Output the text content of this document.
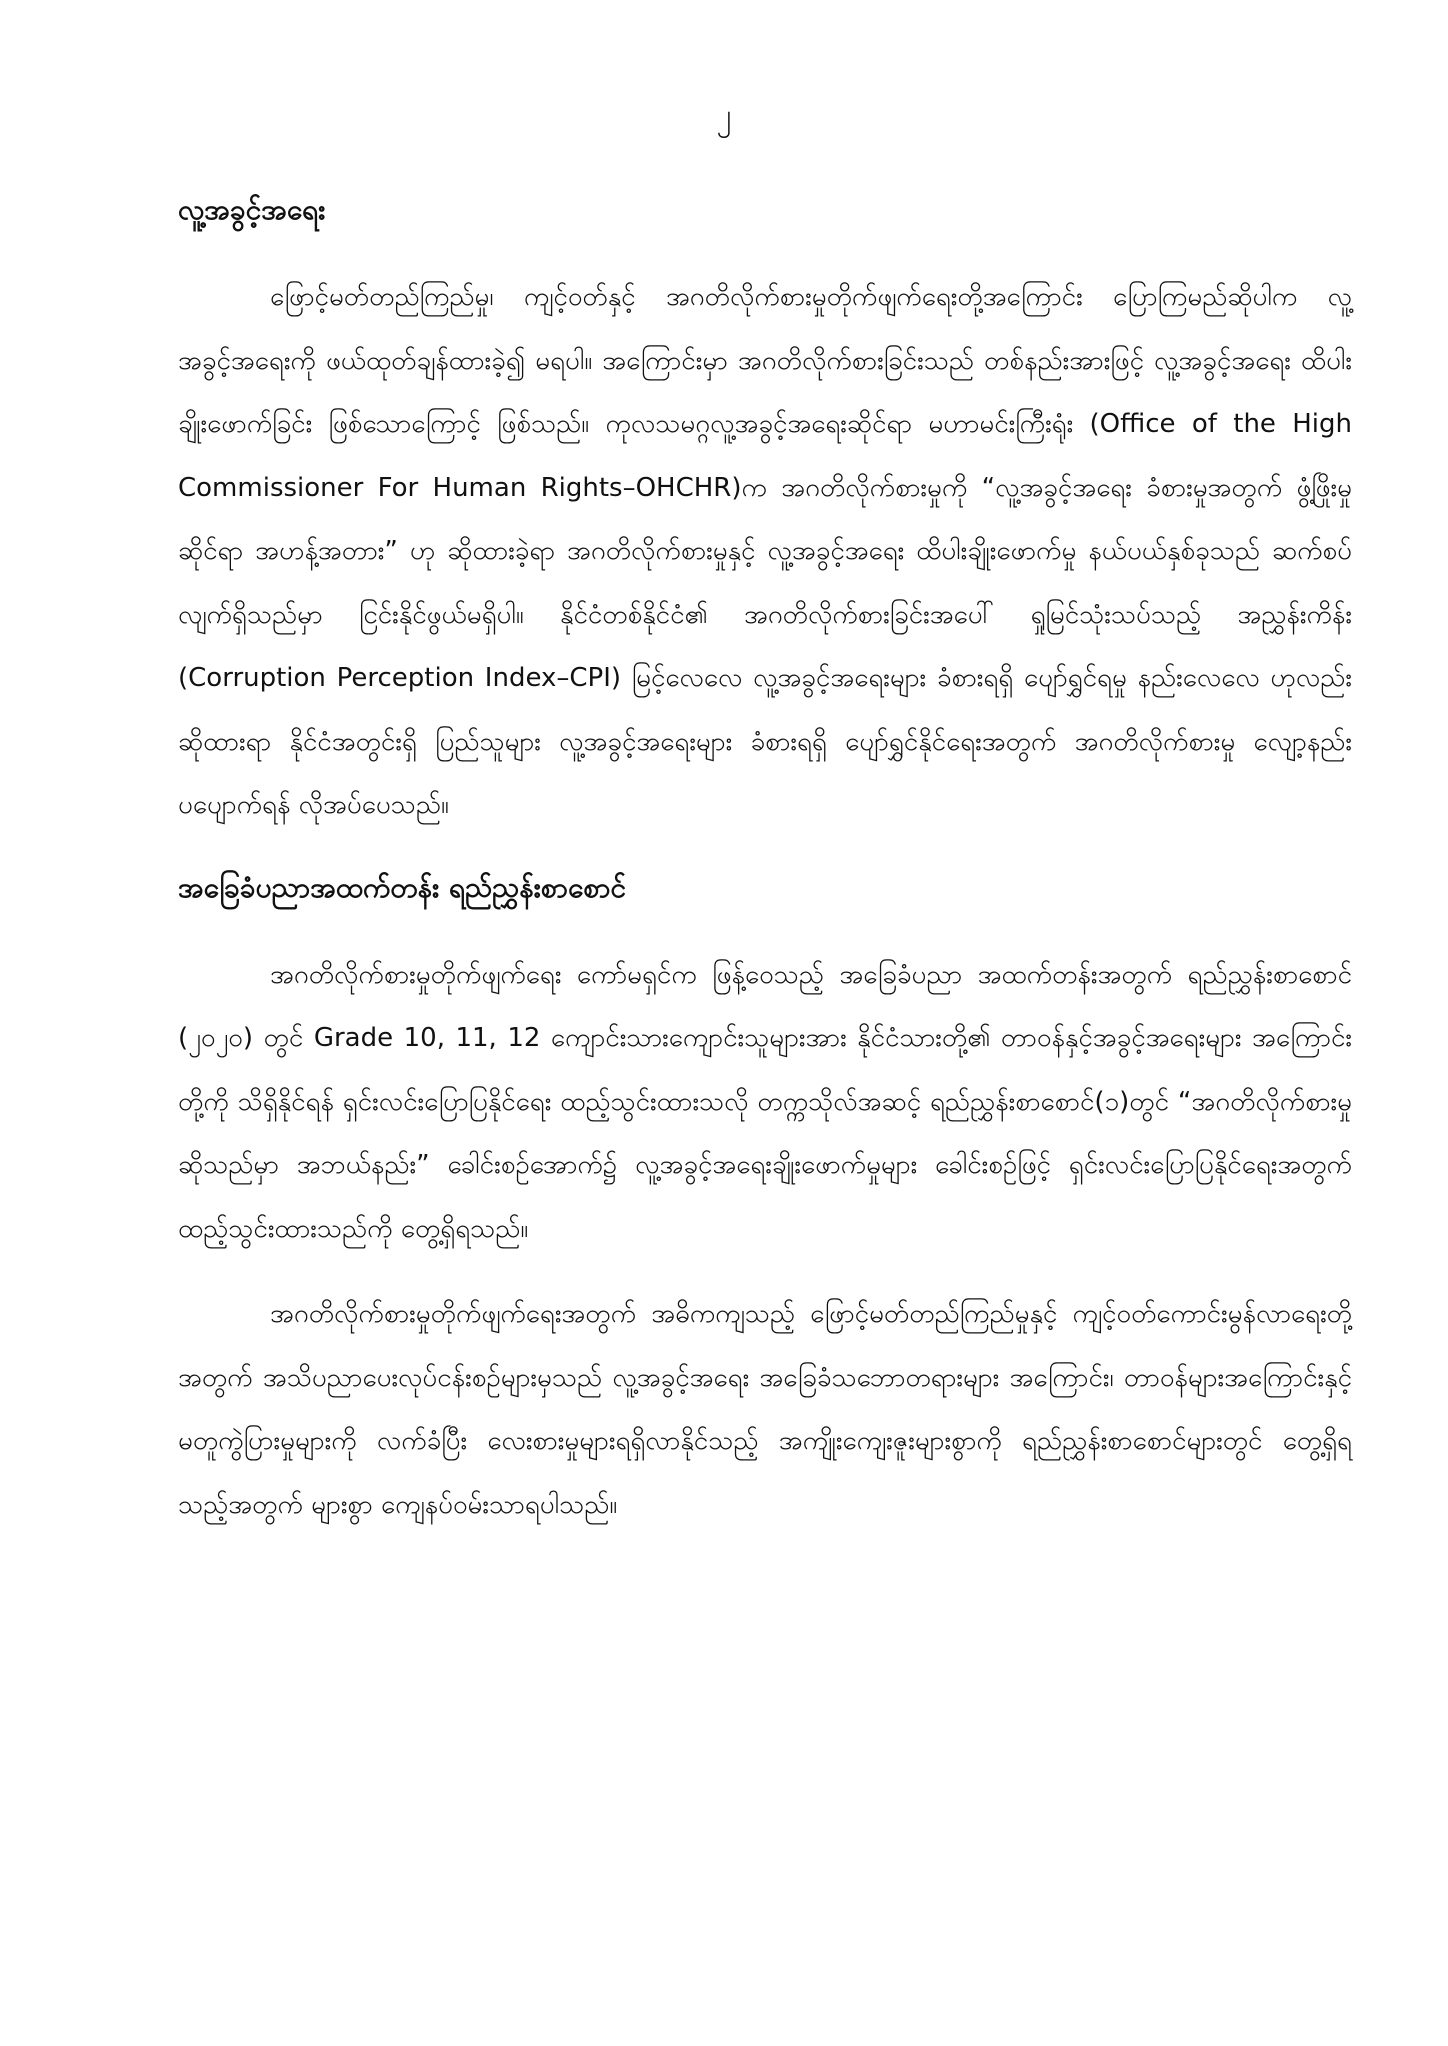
၂
လူ့အခွင့်အရေး

ဖြောင့်မတ်တည်ကြည်မှု၊ ကျင့်ဝတ်နှင့် အဂတိလိုက်စားမှုတိုက်ဖျက်ရေးတို့အကြောင်း ပြောကြမည်ဆိုပါက လူ့အခွင့်အရေးကို ဖယ်ထုတ်ချန်ထားခဲ့၍ မရပါ။ အကြောင်းမှာ အဂတိလိုက်စားခြင်းသည် တစ်နည်းအားဖြင့် လူ့အခွင့်အရေး ထိပါးချိုးဖောက်ခြင်း ဖြစ်သောကြောင့် ဖြစ်သည်။ ကုလသမဂ္ဂလူ့အခွင့်အရေးဆိုင်ရာ မဟာမင်းကြီးရုံး (Office of the High Commissioner For Human Rights–OHCHR)က အဂတိလိုက်စားမှုကို “လူ့အခွင့်အရေး ခံစားမှုအတွက် ဖွံ့ဖြိုးမှုဆိုင်ရာ အဟန့်အတား” ဟု ဆိုထားခဲ့ရာ အဂတိလိုက်စားမှုနှင့် လူ့အခွင့်အရေး ထိပါးချိုးဖောက်မှု နယ်ပယ်နှစ်ခုသည် ဆက်စပ်လျက်ရှိသည်မှာ ငြင်းနိုင်ဖွယ်မရှိပါ။ နိုင်ငံတစ်နိုင်ငံ၏ အဂတိလိုက်စားခြင်းအပေါ် ရှုမြင်သုံးသပ်သည့် အညွှန်းကိန်း (Corruption Perception Index–CPI) မြင့်လေလေ လူ့အခွင့်အရေးများ ခံစားရရှိ ပျော်ရွှင်ရမှု နည်းလေလေ ဟုလည်း ဆိုထားရာ နိုင်ငံအတွင်းရှိ ပြည်သူများ လူ့အခွင့်အရေးများ ခံစားရရှိ ပျော်ရွှင်နိုင်ရေးအတွက် အဂတိလိုက်စားမှု လျော့နည်းပပျောက်ရန် လိုအပ်ပေသည်။

အခြေခံပညာအထက်တန်း ရည်ညွှန်းစာစောင်

အဂတိလိုက်စားမှုတိုက်ဖျက်ရေး ကော်မရှင်က ဖြန့်ဝေသည့် အခြေခံပညာ အထက်တန်းအတွက် ရည်ညွှန်းစာစောင် (၂၀၂၀) တွင် Grade 10, 11, 12 ကျောင်းသားကျောင်းသူများအား နိုင်ငံသားတို့၏ တာဝန်နှင့်အခွင့်အရေးများ အကြောင်းတို့ကို သိရှိနိုင်ရန် ရှင်းလင်းပြောပြနိုင်ရေး ထည့်သွင်းထားသလို တက္ကသိုလ်အဆင့် ရည်ညွှန်းစာစောင်(၁)တွင် “အဂတိလိုက်စားမှုဆိုသည်မှာ အဘယ်နည်း” ခေါင်းစဉ်အောက်၌ လူ့အခွင့်အရေးချိုးဖောက်မှုများ ခေါင်းစဉ်ဖြင့် ရှင်းလင်းပြောပြနိုင်ရေးအတွက် ထည့်သွင်းထားသည်ကို တွေ့ရှိရသည်။

အဂတိလိုက်စားမှုတိုက်ဖျက်ရေးအတွက် အဓိကကျသည့် ဖြောင့်မတ်တည်ကြည်မှုနှင့် ကျင့်ဝတ်ကောင်းမွန်လာရေးတို့အတွက် အသိပညာပေးလုပ်ငန်းစဉ်များမှသည် လူ့အခွင့်အရေး အခြေခံသဘောတရားများ အကြောင်း၊ တာဝန်များအကြောင်းနှင့် မတူကွဲပြားမှုများကို လက်ခံပြီး လေးစားမှုများရရှိလာနိုင်သည့် အကျိုးကျေးဇူးများစွာကို ရည်ညွှန်းစာစောင်များတွင် တွေ့ရှိရသည့်အတွက် များစွာ ကျေနပ်ဝမ်းသာရပါသည်။
